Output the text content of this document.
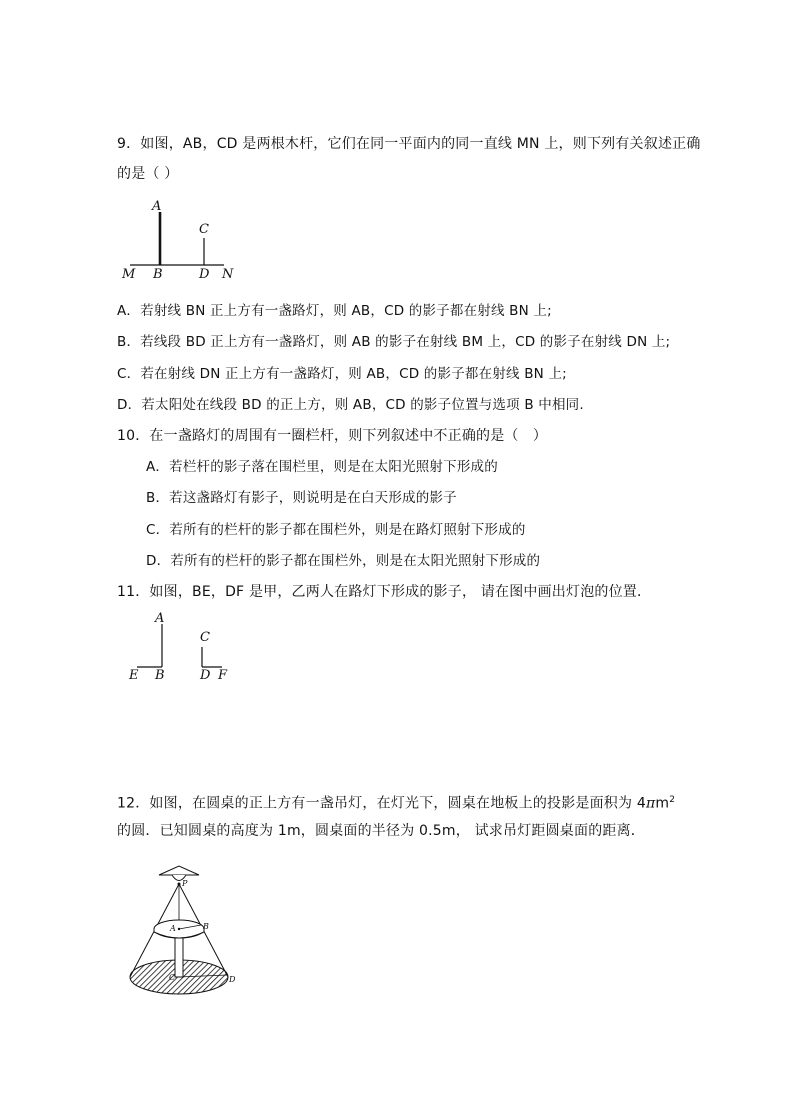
9．如图，AB，CD 是两根木杆，它们在同一平面内的同一直线 MN 上，则下列有关叙述正确
的是（ ）
A
C
M B	D N
A．若射线 BN 正上方有一盏路灯，则 AB，CD 的影子都在射线 BN 上;
B．若线段 BD 正上方有一盏路灯，则 AB 的影子在射线 BM 上，CD 的影子在射线 DN 上;
C．若在射线 DN 正上方有一盏路灯，则 AB，CD 的影子都在射线 BN 上;
D．若太阳处在线段 BD 的正上方，则 AB，CD 的影子位置与选项 B 中相同.
10．在一盏路灯的周围有一圈栏杆，则下列叙述中不正确的是（　）
A．若栏杆的影子落在围栏里，则是在太阳光照射下形成的
B．若这盏路灯有影子，则说明是在白天形成的影子
C．若所有的栏杆的影子都在围栏外，则是在路灯照射下形成的
D．若所有的栏杆的影子都在围栏外，则是在太阳光照射下形成的
11．如图，BE，DF 是甲，乙两人在路灯下形成的影子， 请在图中画出灯泡的位置．
A
C
E B	D F
12．如图，在圆桌的正上方有一盏吊灯，在灯光下，圆桌在地板上的投影是面积为 $4\pi m^2$
的圆．已知圆桌的高度为 1m，圆桌面的半径为 0.5m， 试求吊灯距圆桌面的距离．
P
A	B
C	D
